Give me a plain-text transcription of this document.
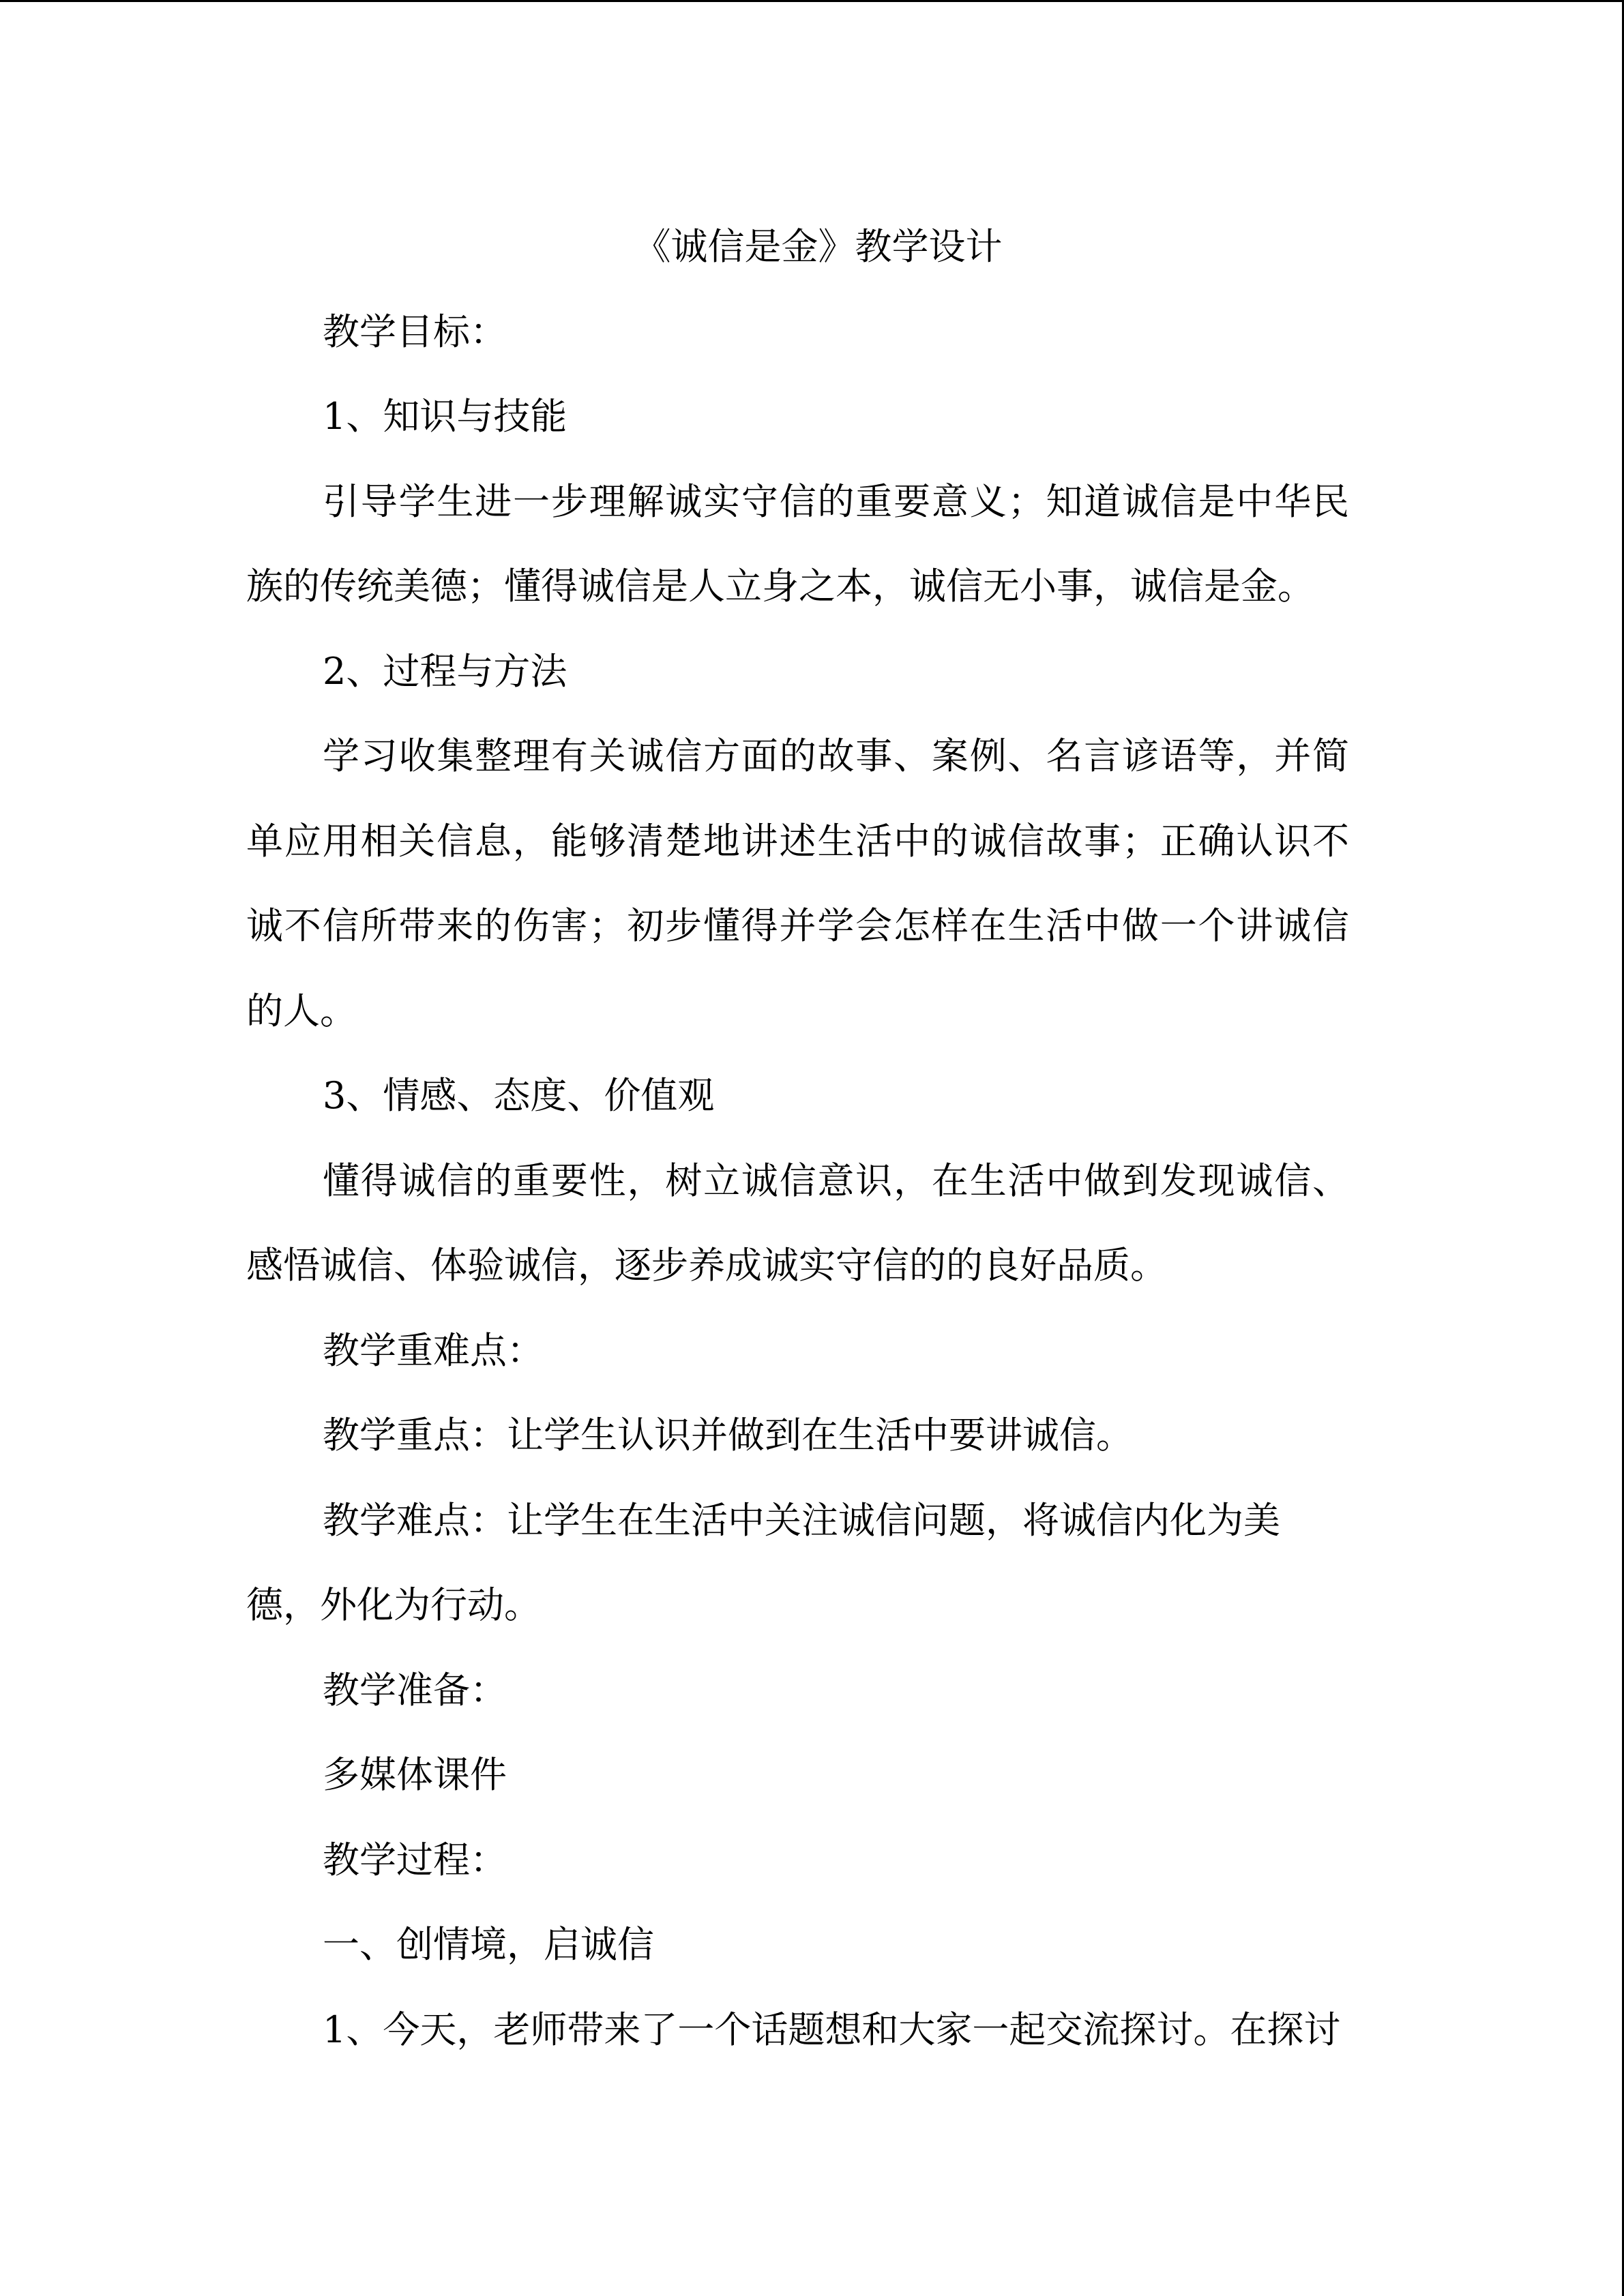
《诚信是金》教学设计

教学目标：

1、知识与技能

引导学生进一步理解诚实守信的重要意义；知道诚信是中华民族的传统美德；懂得诚信是人立身之本，诚信无小事，诚信是金。

2、过程与方法

学习收集整理有关诚信方面的故事、案例、名言谚语等，并简单应用相关信息，能够清楚地讲述生活中的诚信故事；正确认识不诚不信所带来的伤害；初步懂得并学会怎样在生活中做一个讲诚信的人。

3、情感、态度、价值观

懂得诚信的重要性，树立诚信意识，在生活中做到发现诚信、感悟诚信、体验诚信，逐步养成诚实守信的的良好品质。

教学重难点：

教学重点：让学生认识并做到在生活中要讲诚信。

教学难点：让学生在生活中关注诚信问题，将诚信内化为美德，外化为行动。

教学准备：

多媒体课件

教学过程：

一、创情境，启诚信

1、今天，老师带来了一个话题想和大家一起交流探讨。在探讨
